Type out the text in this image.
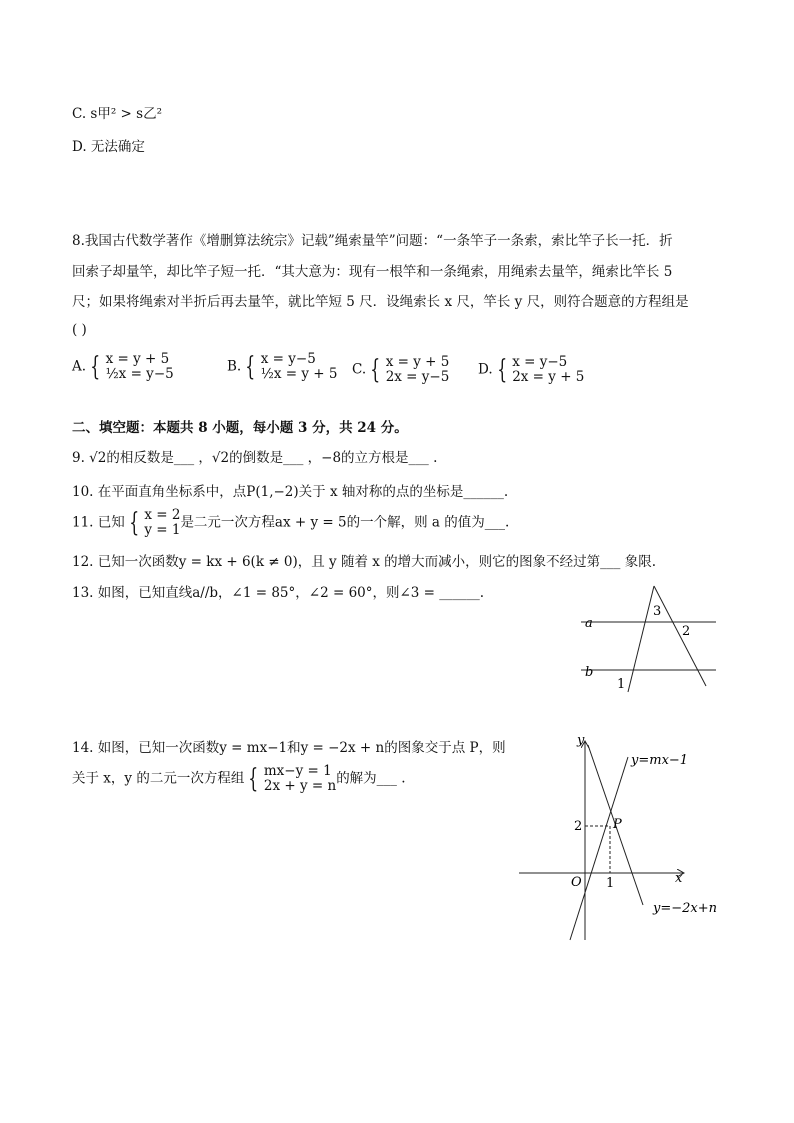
C. s甲² > s乙²
D. 无法确定
8.我国古代数学著作《增删算法统宗》记载”绳索量竿”问题：“一条竿子一条索，索比竿子长一托．折
回索子却量竿，却比竿子短一托．“其大意为：现有一根竿和一条绳索，用绳索去量竿，绳索比竿长 5
尺；如果将绳索对半折后再去量竿，就比竿短 5 尺．设绳索长 x 尺，竿长 y 尺，则符合题意的方程组是
( )
A. { x = y + 5
½x = y−5	B. { x = y−5
½x = y + 5 C. { x = y + 5
2x = y−5 D. { x = y−5
2x = y + 5
二、填空题：本题共 8 小题，每小题 3 分，共 24 分。
9. √2的相反数是___ ，√2的倒数是___ ，−8的立方根是___ .
10. 在平面直角坐标系中，点P(1,−2)关于 x 轴对称的点的坐标是______.
11. 已知 { x = 2
y = 1 是二元一次方程ax + y = 5的一个解，则 a 的值为___.
12. 已知一次函数y = kx + 6(k ≠ 0)，且 y 随着 x 的增大而减小，则它的图象不经过第___ 象限.
13. 如图，已知直线a//b，∠1 = 85°，∠2 = 60°，则∠3 = ______.
a
b
1
2
3
14. 如图，已知一次函数y = mx−1和y = −2x + n的图象交于点 P，则
关于 x，y 的二元一次方程组 { mx−y = 1
2x + y = n 的解为___ .
y
x
O
2
1
P
y=mx−1
y=−2x+n
